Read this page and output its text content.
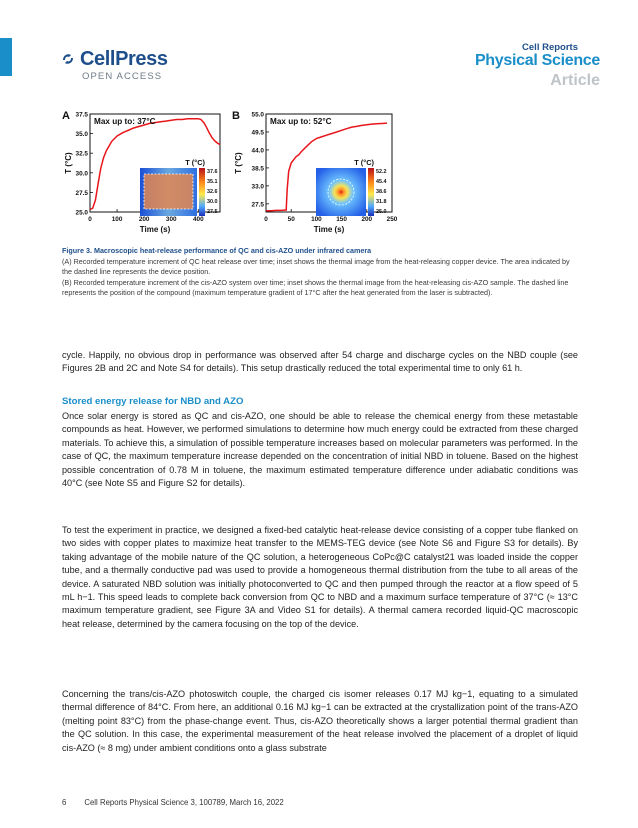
CellPress
OPEN ACCESS
Cell Reports
Physical Science
Article
A
25.0
27.5
30.0
32.5
35.0
37.5
0	100	200	300	400
Time (s)
T (°C)
Max up to: 37°C
T (°C)
37.6
35.1
32.6
30.0
27.5
B
27.5
33.0
38.5
44.0
49.5
55.0
0	50	100 150 200 250
Time (s)
T (°C)
Max up to: 52°C
T (°C)
52.2
45.4
38.6
31.8
25.0

Figure 3. Macroscopic heat-release performance of QC and cis-AZO under infrared camera

(A) Recorded temperature increment of QC heat release over time; inset shows the thermal image from the heat-releasing copper device. The area indicated by the dashed line represents the device position.

(B) Recorded temperature increment of the cis-AZO system over time; inset shows the thermal image from the heat-releasing cis-AZO sample. The dashed line represents the position of the compound (maximum temperature gradient of 17°C after the heat generated from the laser is subtracted).

cycle. Happily, no obvious drop in performance was observed after 54 charge and discharge cycles on the NBD couple (see Figures 2B and 2C and Note S4 for details). This setup drastically reduced the total experimental time to only 61 h.

Stored energy release for NBD and AZO

Once solar energy is stored as QC and cis-AZO, one should be able to release the chemical energy from these metastable compounds as heat. However, we performed simulations to determine how much energy could be extracted from these charged materials. To achieve this, a simulation of possible temperature increases based on molecular parameters was performed. In the case of QC, the maximum temperature increase depended on the concentration of initial NBD in toluene. Based on the highest possible concentration of 0.78 M in toluene, the maximum estimated temperature difference under adiabatic conditions was 40°C (see Note S5 and Figure S2 for details).

To test the experiment in practice, we designed a fixed-bed catalytic heat-release device consisting of a copper tube flanked on two sides with copper plates to maximize heat transfer to the MEMS-TEG device (see Note S6 and Figure S3 for details). By taking advantage of the mobile nature of the QC solution, a heterogeneous CoPc@C catalyst21 was loaded inside the copper tube, and a thermally conductive pad was used to provide a homogeneous thermal distribution from the tube to all areas of the device. A saturated NBD solution was initially photoconverted to QC and then pumped through the reactor at a flow speed of 5 mL h−1. This speed leads to complete back conversion from QC to NBD and a maximum surface temperature of 37°C (≈ 13°C maximum temperature gradient, see Figure 3A and Video S1 for details). A thermal camera recorded liquid-QC macroscopic heat release, determined by the camera focusing on the top of the device.

Concerning the trans/cis-AZO photoswitch couple, the charged cis isomer releases 0.17 MJ kg−1, equating to a simulated thermal difference of 84°C. From here, an additional 0.16 MJ kg−1 can be extracted at the crystallization point of the trans-AZO (melting point 83°C) from the phase-change event. Thus, cis-AZO theoretically shows a larger potential thermal gradient than the QC solution. In this case, the experimental measurement of the heat release involved the placement of a droplet of liquid cis-AZO (≈ 8 mg) under ambient conditions onto a glass substrate

6 Cell Reports Physical Science 3, 100789, March 16, 2022
